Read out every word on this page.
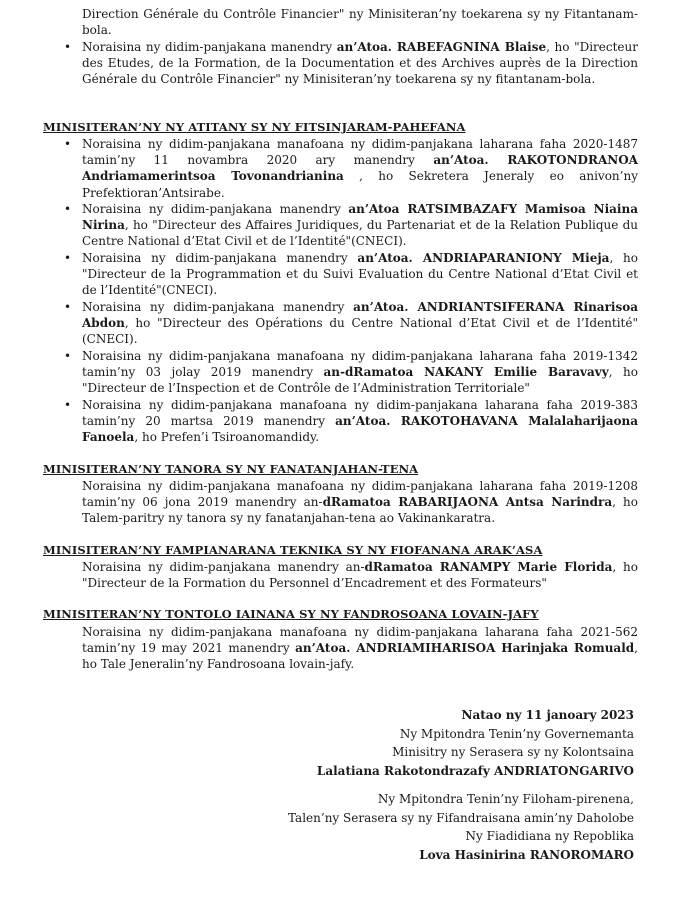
Direction Générale du Contrôle Financier" ny Minisiteran’ny toekarena sy ny Fitantanam-bola.
• Noraisina ny didim-panjakana manendry an’Atoa. RABEFAGNINA Blaise, ho "Directeur des Etudes, de la Formation, de la Documentation et des Archives auprès de la Direction Générale du Contrôle Financier" ny Minisiteran’ny toekarena sy ny fitantanam-bola.
MINISITERAN’NY NY ATITANY SY NY FITSINJARAM-PAHEFANA
• Noraisina ny didim-panjakana manafoana ny didim-panjakana laharana faha 2020-1487 tamin’ny 11 novambra 2020 ary manendry an’Atoa. RAKOTONDRANOA Andriamamerintsoa Tovonandrianina , ho Sekretera Jeneraly eo anivon’ny Prefektioran’Antsirabe.
• Noraisina ny didim-panjakana manendry an’Atoa RATSIMBAZAFY Mamisoa Niaina Nirina, ho "Directeur des Affaires Juridiques, du Partenariat et de la Relation Publique du Centre National d’Etat Civil et de l’Identité"(CNECI).
• Noraisina ny didim-panjakana manendry an’Atoa. ANDRIAPARANIONY Mieja, ho "Directeur de la Programmation et du Suivi Evaluation du Centre National d’Etat Civil et de l’Identité"(CNECI).
• Noraisina ny didim-panjakana manendry an’Atoa. ANDRIANTSIFERANA Rinarisoa Abdon, ho "Directeur des Opérations du Centre National d’Etat Civil et de l’Identité" (CNECI).
• Noraisina ny didim-panjakana manafoana ny didim-panjakana laharana faha 2019-1342 tamin’ny 03 jolay 2019 manendry an-dRamatoa NAKANY Emilie Baravavy, ho "Directeur de l’Inspection et de Contrôle de l’Administration Territoriale"
• Noraisina ny didim-panjakana manafoana ny didim-panjakana laharana faha 2019-383 tamin’ny 20 martsa 2019 manendry an’Atoa. RAKOTOHAVANA Malalaharijaona Fanoela, ho Prefen’i Tsiroanomandidy.
MINISITERAN’NY TANORA SY NY FANATANJAHAN-TENA
Noraisina ny didim-panjakana manafoana ny didim-panjakana laharana faha 2019-1208 tamin’ny 06 jona 2019 manendry an-dRamatoa RABARIJAONA Antsa Narindra, ho Talem-paritry ny tanora sy ny fanatanjahan-tena ao Vakinankaratra.
MINISITERAN’NY FAMPIANARANA TEKNIKA SY NY FIOFANANA ARAK’ASA
Noraisina ny didim-panjakana manendry an-dRamatoa RANAMPY Marie Florida, ho "Directeur de la Formation du Personnel d’Encadrement et des Formateurs"
MINISITERAN’NY TONTOLO IAINANA SY NY FANDROSOANA LOVAIN-JAFY
Noraisina ny didim-panjakana manafoana ny didim-panjakana laharana faha 2021-562 tamin’ny 19 may 2021 manendry an’Atoa. ANDRIAMIHARISOA Harinjaka Romuald, ho Tale Jeneralin’ny Fandrosoana lovain-jafy.
Natao ny 11 janoary 2023
Ny Mpitondra Tenin’ny Governemanta
Minisitry ny Serasera sy ny Kolontsaina
Lalatiana Rakotondrazafy ANDRIATONGARIVO
Ny Mpitondra Tenin’ny Filoham-pirenena,
Talen’ny Serasera sy ny Fifandraisana amin’ny Daholobe
Ny Fiadidiana ny Repoblika
Lova Hasinirina RANOROMARO
